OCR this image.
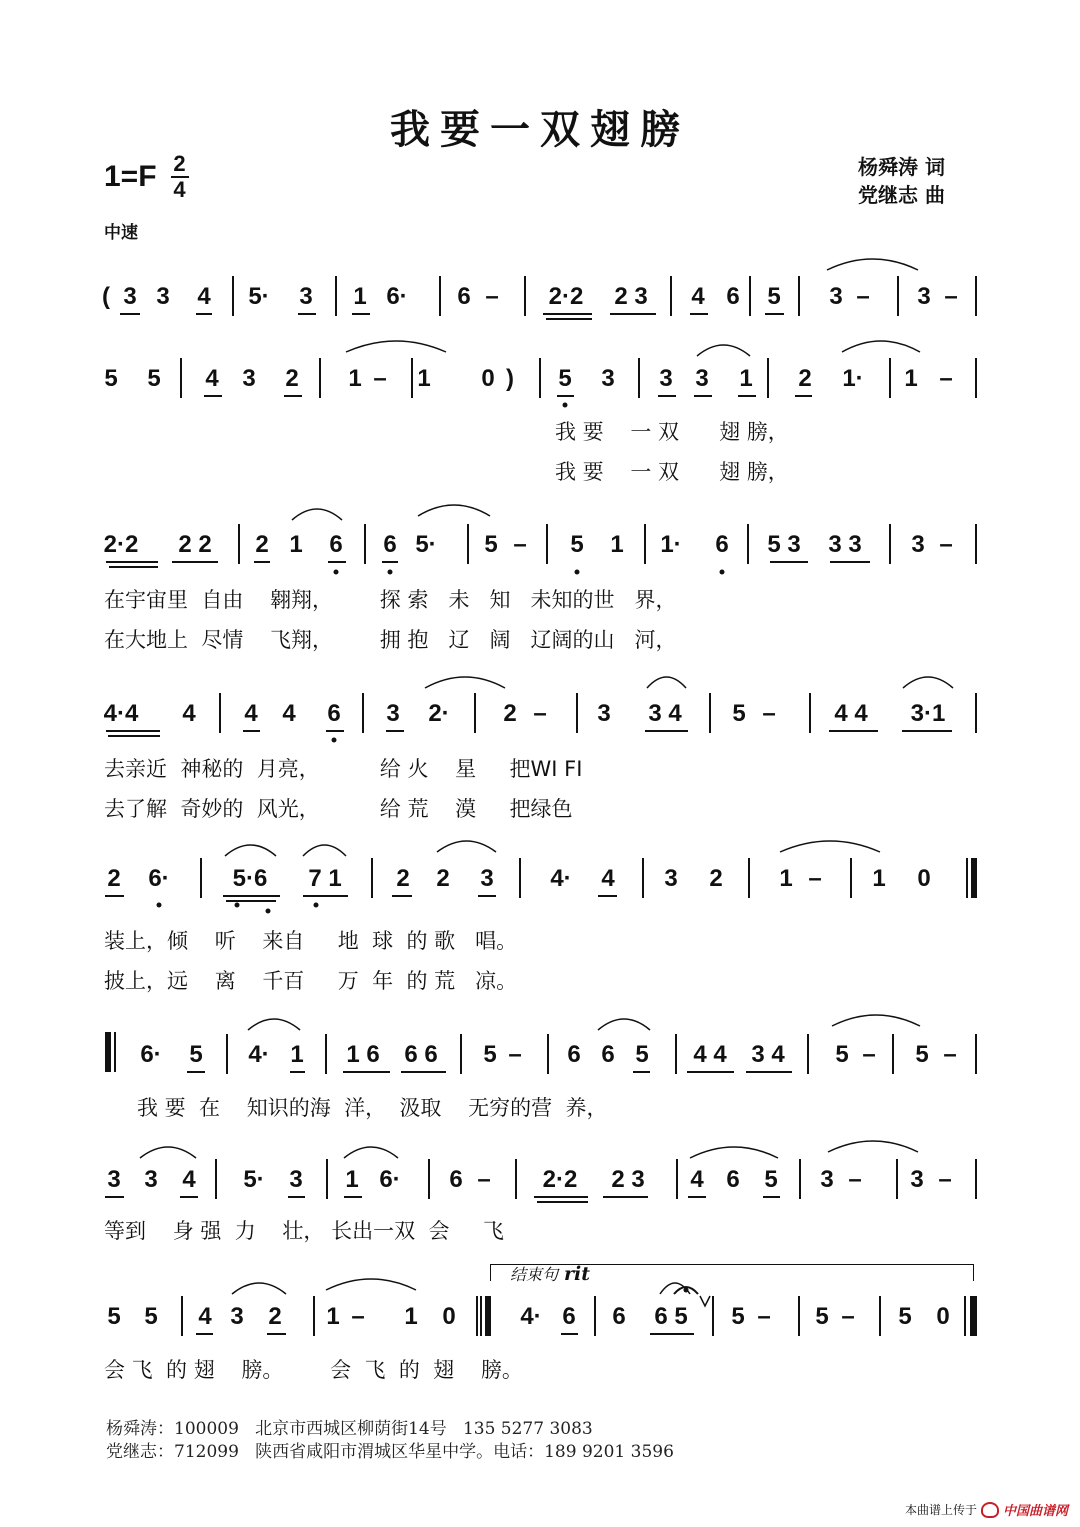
我要一双翅膀
1=F 2
4
杨舜涛 词
党继志 曲
中速
( 3 3	4	5·	3	1 6·	6 –	2·2	2 3	4 6	5	3 –	3 –
5	5	4 3	2	1 –	1	0 )	5	3	3 3	1	2	1·	1 –
2·2	2 2	2 1	6	6 5·	5 –	5	1	1·	6	5 3	3 3	3 –
4·4	4	4	4	6	3	2·	2 –	3	3 4	5 –	4 4	3·1
2	6·	5·6	7 1	2	2	3	4·	4	3	2	1 –	1	0
6·	5	4· 1	1 6	6 6	5 –	6 6 5	4 4	3 4	5 –	5 –
3 3	4	5·	3	1 6·	6 –	2·2	2 3	4 6	5	3 –	3 –
5 5	4 3	2	1 –	1	0	4· 6	6	6 5	5 –	5 –	5	0
结束句 rit
杨舜涛：100009   北京市西城区柳荫街14号   135 5277 3083
党继志：712099   陕西省咸阳市渭城区华星中学。电话：189 9201 3596
本曲谱上传于 中国曲谱网
我 要    一 双      翅 膀，
我 要    一 双      翅 膀，
在宇宙里  自由    翱翔，       探 索   未   知   未知的世   界，
在大地上  尽情    飞翔，       拥 抱   辽   阔   辽阔的山   河，
去亲近  神秘的  月亮，         给 火    星     把WI FI
去了解  奇妙的  风光，         给 荒    漠     把绿色
装上，倾    听    来自     地  球  的 歌   唱。
披上，远    离    千百     万  年  的 荒   凉。
我 要  在    知识的海  洋，  汲取    无穷的营  养，
等到    身 强  力    壮， 长出一双  会     飞
会 飞  的 翅    膀。       会  飞  的  翅    膀。
